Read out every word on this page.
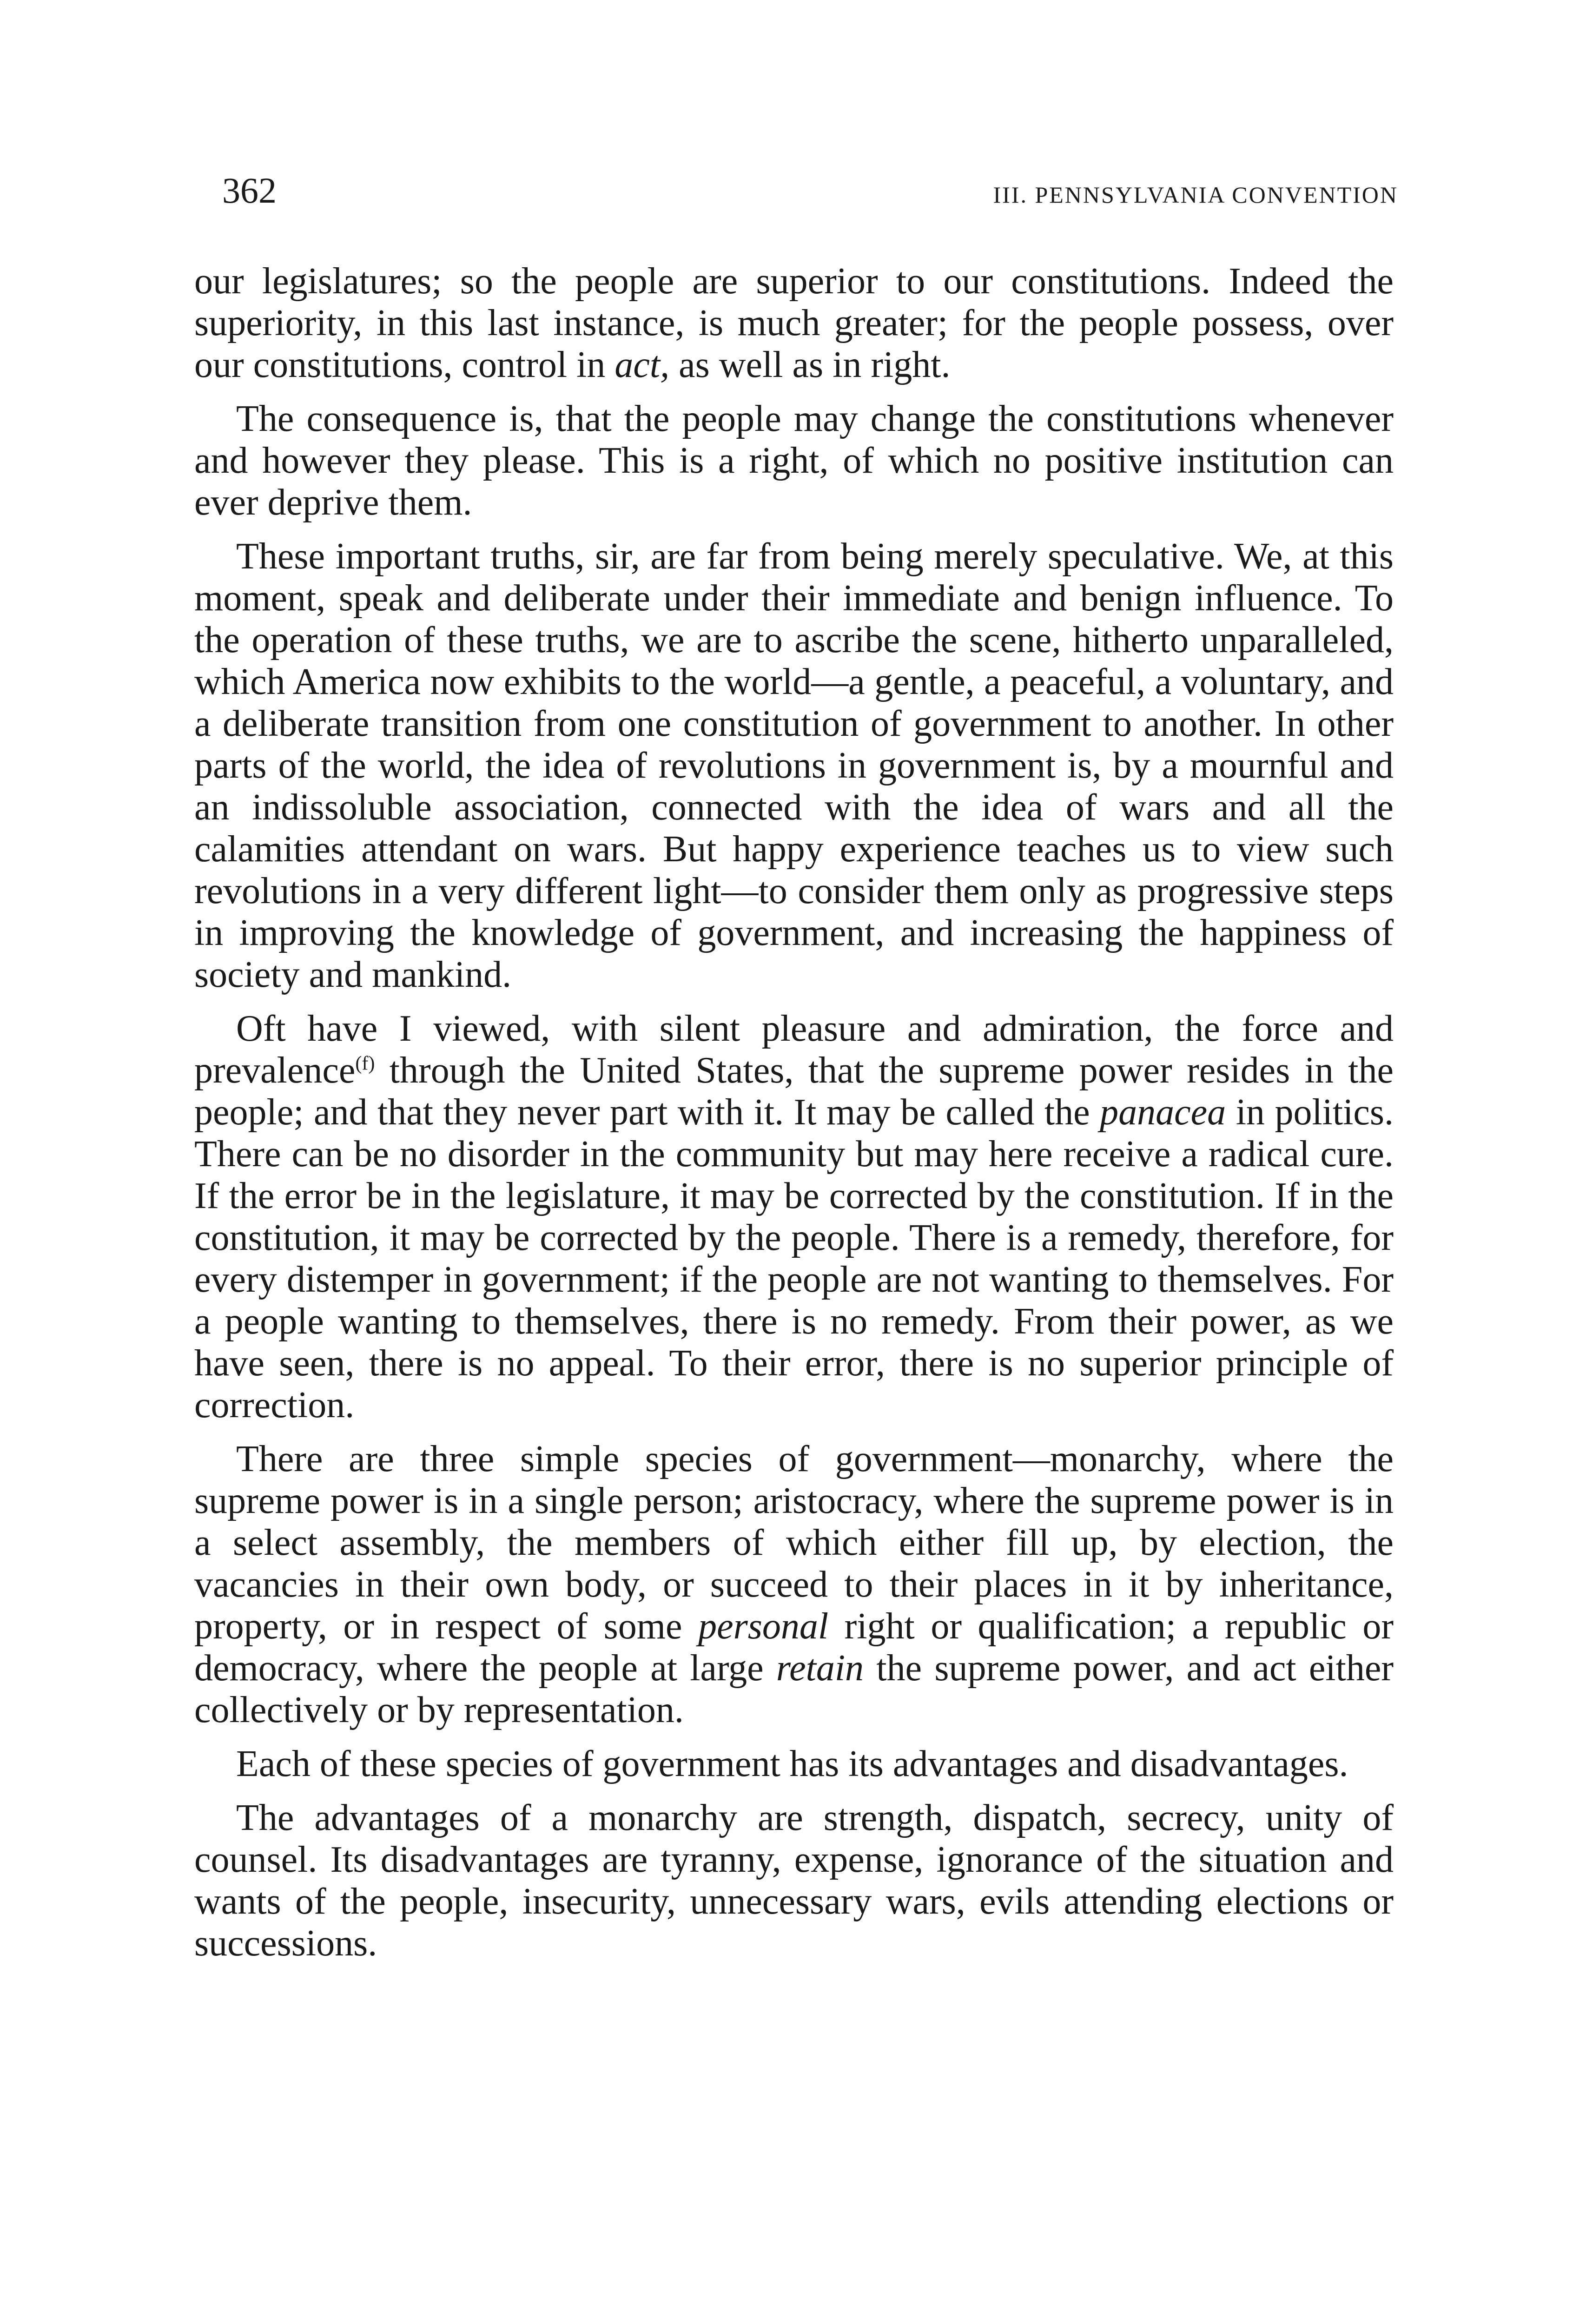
362	III. PENNSYLVANIA CONVENTION

our legislatures; so the people are superior to our constitutions. Indeed the superiority, in this last instance, is much greater; for the people possess, over our constitutions, control in act, as well as in right.

The consequence is, that the people may change the constitutions whenever and however they please. This is a right, of which no positive institution can ever deprive them.

These important truths, sir, are far from being merely speculative. We, at this moment, speak and deliberate under their immediate and benign influence. To the operation of these truths, we are to ascribe the scene, hitherto unparalleled, which America now exhibits to the world—a gentle, a peaceful, a voluntary, and a deliberate transition from one constitution of government to another. In other parts of the world, the idea of revolutions in government is, by a mournful and an indissoluble association, connected with the idea of wars and all the calamities attendant on wars. But happy experience teaches us to view such revolutions in a very different light—to consider them only as progressive steps in improving the knowledge of government, and increasing the happiness of society and mankind.

Oft have I viewed, with silent pleasure and admiration, the force and prevalence$^{(f)}$ through the United States, that the supreme power resides in the people; and that they never part with it. It may be called the panacea in politics. There can be no disorder in the community but may here receive a radical cure. If the error be in the legislature, it may be corrected by the constitution. If in the constitution, it may be corrected by the people. There is a remedy, therefore, for every distemper in government; if the people are not wanting to themselves. For a people wanting to themselves, there is no remedy. From their power, as we have seen, there is no appeal. To their error, there is no superior principle of correction.

There are three simple species of government—monarchy, where the supreme power is in a single person; aristocracy, where the supreme power is in a select assembly, the members of which either fill up, by election, the vacancies in their own body, or succeed to their places in it by inheritance, property, or in respect of some personal right or qualification; a republic or democracy, where the people at large retain the supreme power, and act either collectively or by representation.

Each of these species of government has its advantages and disadvantages.

The advantages of a monarchy are strength, dispatch, secrecy, unity of counsel. Its disadvantages are tyranny, expense, ignorance of the situation and wants of the people, insecurity, unnecessary wars, evils attending elections or successions.
